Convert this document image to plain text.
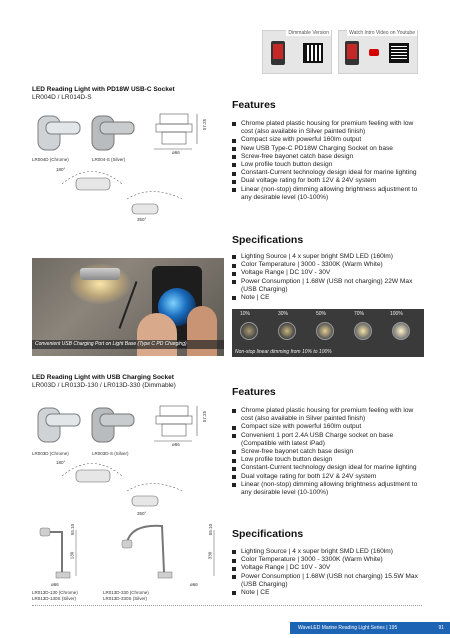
Dimmable Version	Watch Intro Video on Youtube
LED Reading Light with PD18W USB-C Socket
LR004D / LR014D-S
LR004D (Chrome)	LR004-S (Silver)
180°
350°
57.25
ø66
Convenient USB Charging Port on Light Base (Type C PD Charging)
Features
Chrome plated plastic housing for premium feeling with low cost (also available in Silver painted finish)
Compact size with powerful 160lm output
New USB Type-C PD18W Charging Socket on base
Screw-free bayonet catch base design
Low profile touch button design
Constant-Current technology design ideal for marine lighting
Dual voltage rating for both 12V & 24V system
Linear (non-stop) dimming allowing brightness adjustment to any desirable level (10-100%)
Specifications
Lighting Source | 4 x super bright SMD LED (160lm)
Color Temperature | 3000 - 3300K (Warm White)
Voltage Range | DC 10V - 30V
Power Consumption | 1.68W (USB not charging) 22W Max (USB Charging)
Note | CE
10%	30%	50%	70%	100%
Non-stop linear dimming from 10% to 100%
LED Reading Light with USB Charging Socket
LR003D / LR013D-130 / LR013D-330 (Dimmable)
LR003D (Chrome)	LR003D-S (Silver)
180°
350°
57.25
ø66
55.10
130	330
55.10
ø66	ø66
LR013D-130 (Chrome)
LR013D-130S (Silver)
LR013D-330 (Chrome)
LR013D-330S (Silver)
Features
Chrome plated plastic housing for premium feeling with low cost (also available in Silver painted finish)
Compact size with powerful 160lm output
Convenient 1 port 2.4A USB Charge socket on base (Compatible with latest iPad)
Screw-free bayonet catch base design
Low profile touch button design
Constant-Current technology design ideal for marine lighting
Dual voltage rating for both 12V & 24V system
Linear (non-stop) dimming allowing brightness adjustment to any desirable level (10-100%)
Specifications
Lighting Source | 4 x super bright SMD LED (160lm)
Color Temperature | 3000 - 3300K (Warm White)
Voltage Range | DC 10V - 30V
Power Consumption | 1.68W (USB not charging) 15.5W Max (USB Charging)
Note | CE
WaveLED Marine Reading Light Series | 195	91
